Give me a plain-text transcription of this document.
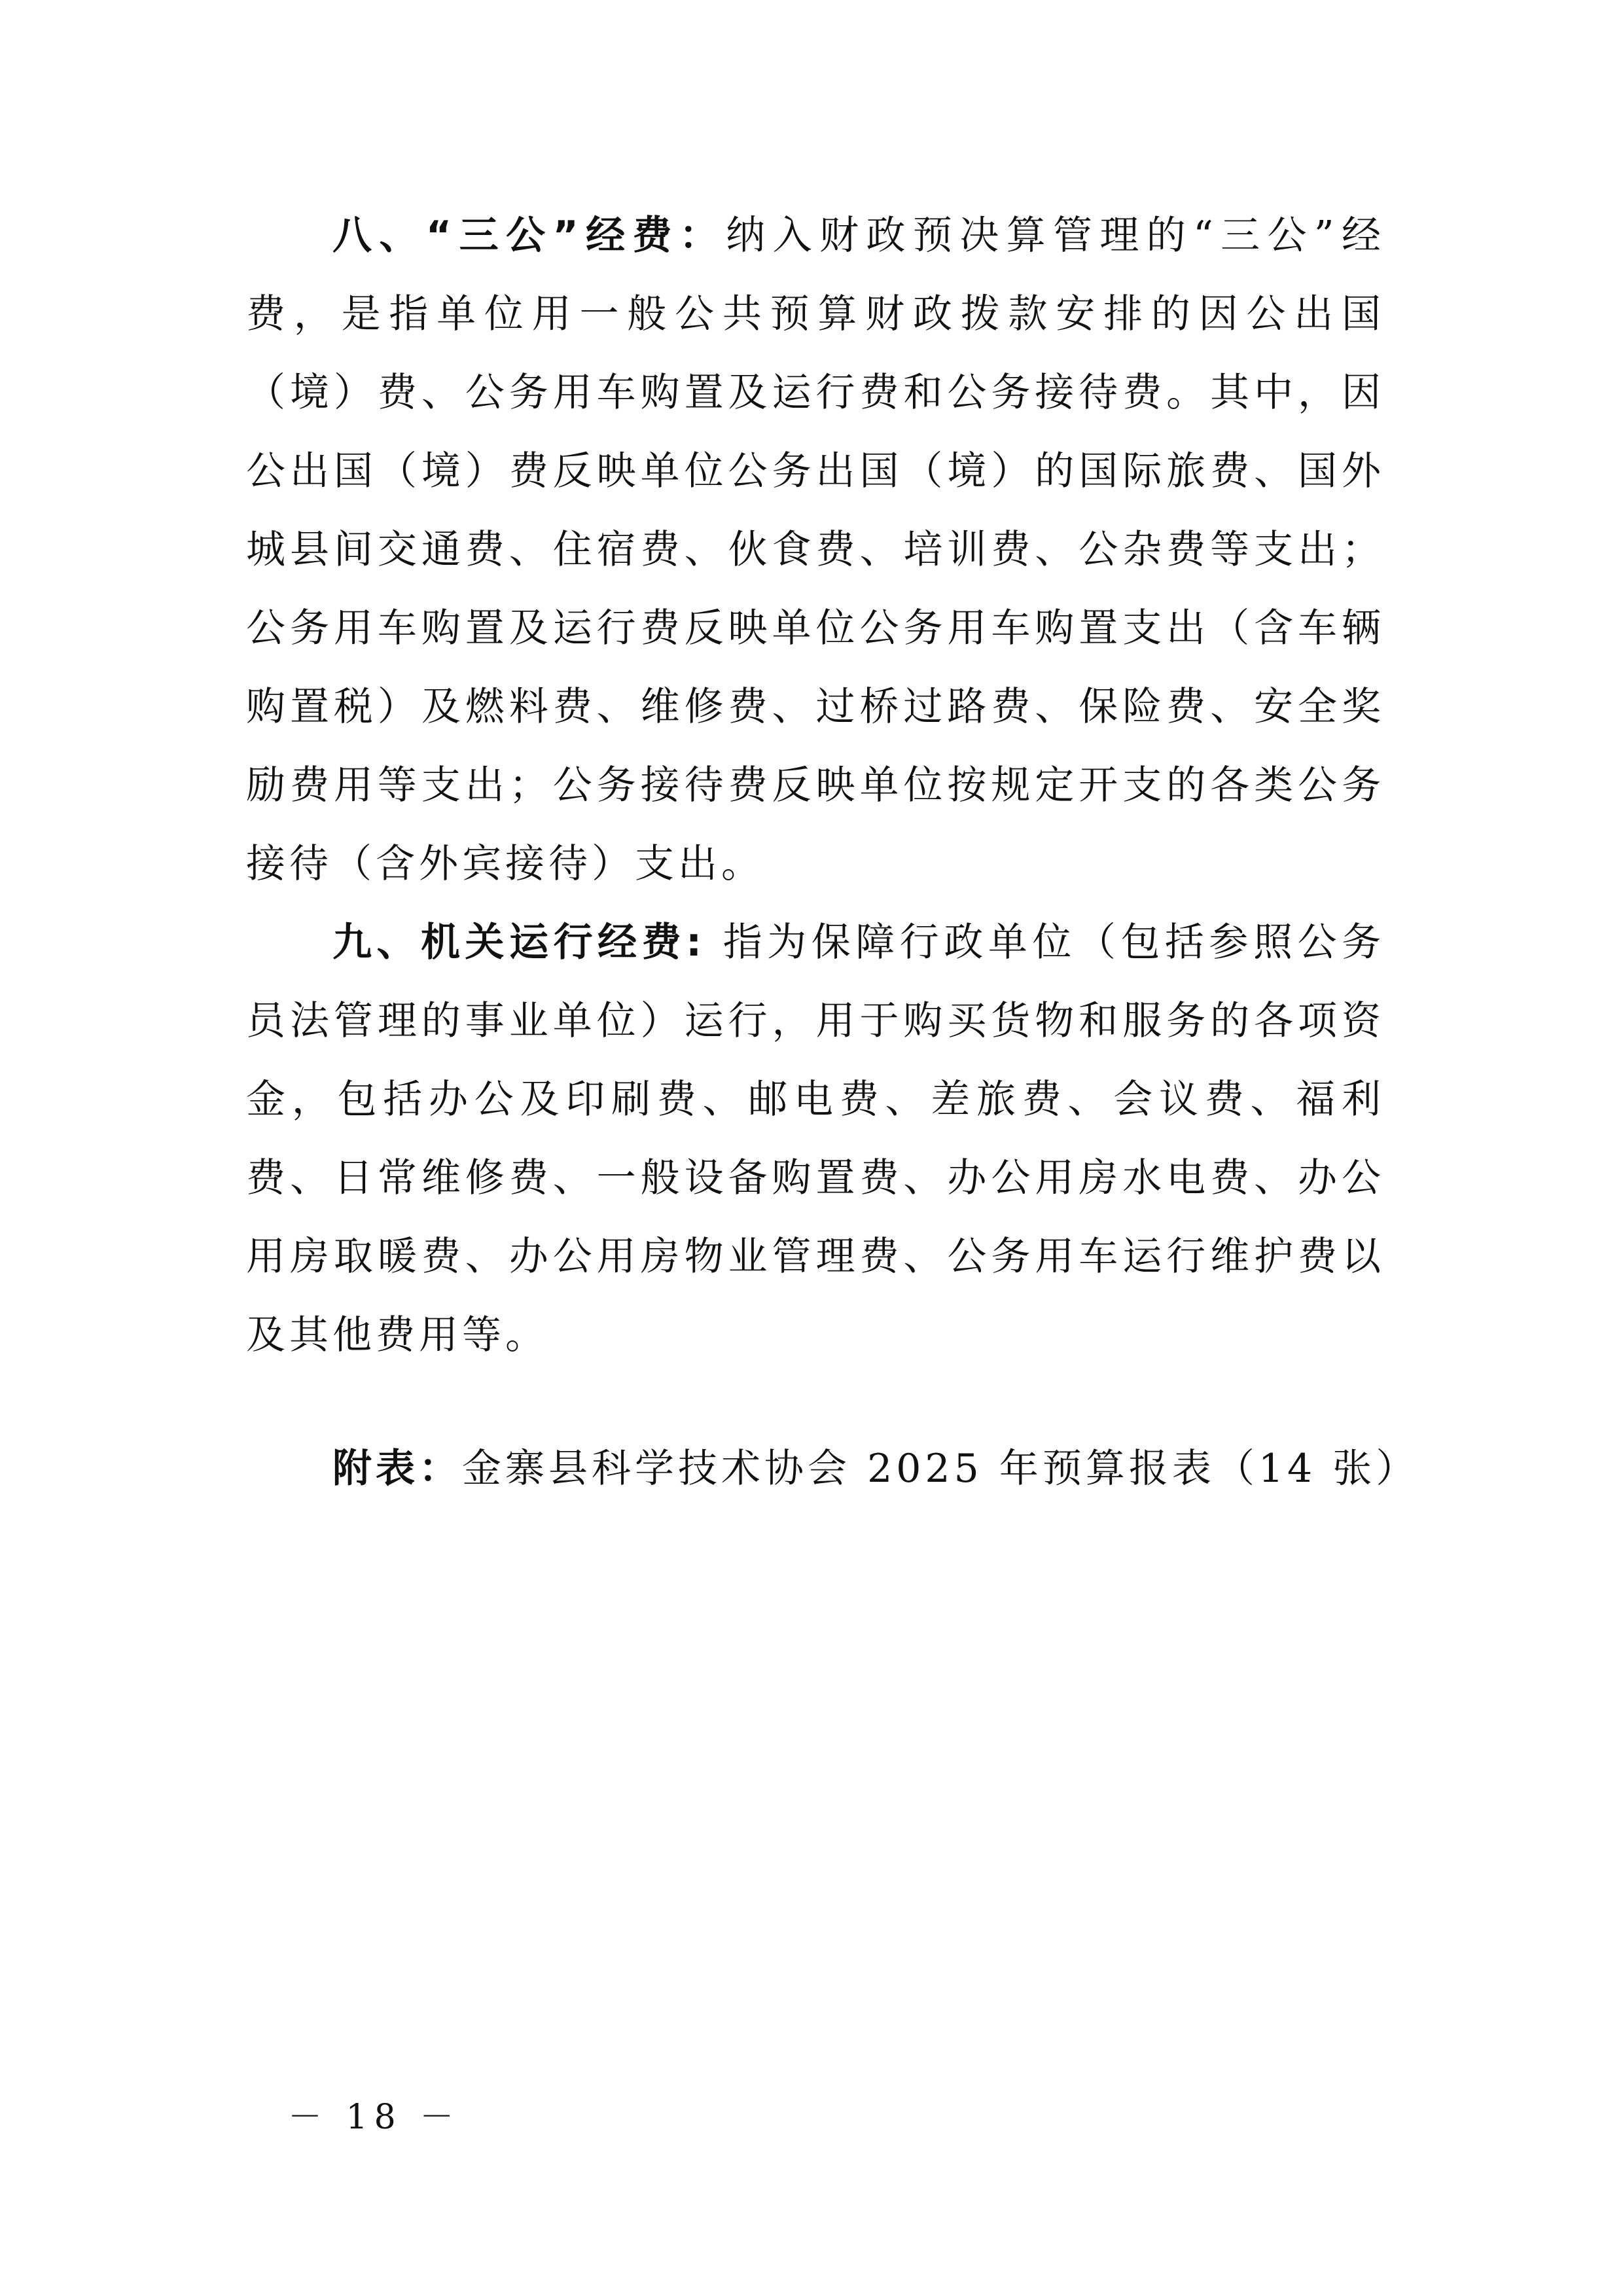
八、“三公”经费：纳入财政预决算管理的“三公”经费，是指单位用一般公共预算财政拨款安排的因公出国（境）费、公务用车购置及运行费和公务接待费。其中，因公出国（境）费反映单位公务出国（境）的国际旅费、国外城县间交通费、住宿费、伙食费、培训费、公杂费等支出；公务用车购置及运行费反映单位公务用车购置支出（含车辆购置税）及燃料费、维修费、过桥过路费、保险费、安全奖励费用等支出；公务接待费反映单位按规定开支的各类公务接待（含外宾接待）支出。

九、机关运行经费: 指为保障行政单位（包括参照公务员法管理的事业单位）运行，用于购买货物和服务的各项资金，包括办公及印刷费、邮电费、差旅费、会议费、福利费、日常维修费、一般设备购置费、办公用房水电费、办公用房取暖费、办公用房物业管理费、公务用车运行维护费以及其他费用等。

附表：金寨县科学技术协会 2025 年预算报表（14 张）
－ 18 －
